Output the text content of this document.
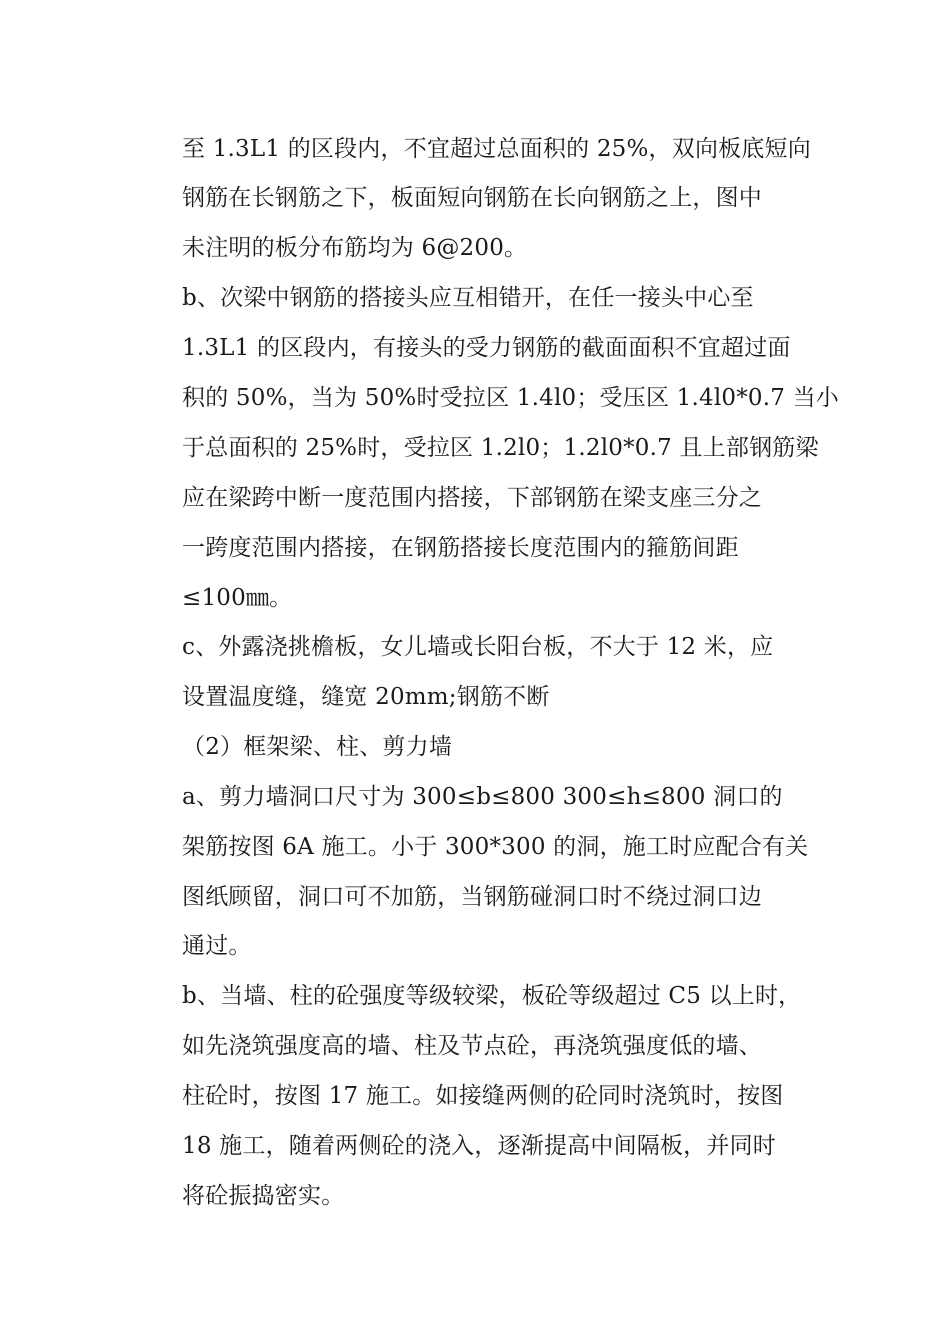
至 1.3L1 的区段内，不宜超过总面积的 25%，双向板底短向
钢筋在长钢筋之下，板面短向钢筋在长向钢筋之上，图中
未注明的板分布筋均为 6@200。
b、次梁中钢筋的搭接头应互相错开，在任一接头中心至
1.3L1 的区段内，有接头的受力钢筋的截面面积不宜超过面
积的 50%，当为 50%时受拉区 1.4l0；受压区 1.4l0*0.7 当小
于总面积的 25%时，受拉区 1.2l0；1.2l0*0.7 且上部钢筋梁
应在梁跨中断一度范围内搭接，下部钢筋在梁支座三分之
一跨度范围内搭接，在钢筋搭接长度范围内的箍筋间距
≤100㎜。
c、外露浇挑檐板，女儿墙或长阳台板，不大于 12 米，应
设置温度缝，缝宽 20mm;钢筋不断
（2）框架梁、柱、剪力墙
a、剪力墙洞口尺寸为 300≤b≤800 300≤h≤800 洞口的
架筋按图 6A 施工。小于 300*300 的洞，施工时应配合有关
图纸顾留，洞口可不加筋，当钢筋碰洞口时不绕过洞口边
通过。
b、当墙、柱的砼强度等级较梁，板砼等级超过 C5 以上时，
如先浇筑强度高的墙、柱及节点砼，再浇筑强度低的墙、
柱砼时，按图 17 施工。如接缝两侧的砼同时浇筑时，按图
18 施工，随着两侧砼的浇入，逐渐提高中间隔板，并同时
将砼振捣密实。
